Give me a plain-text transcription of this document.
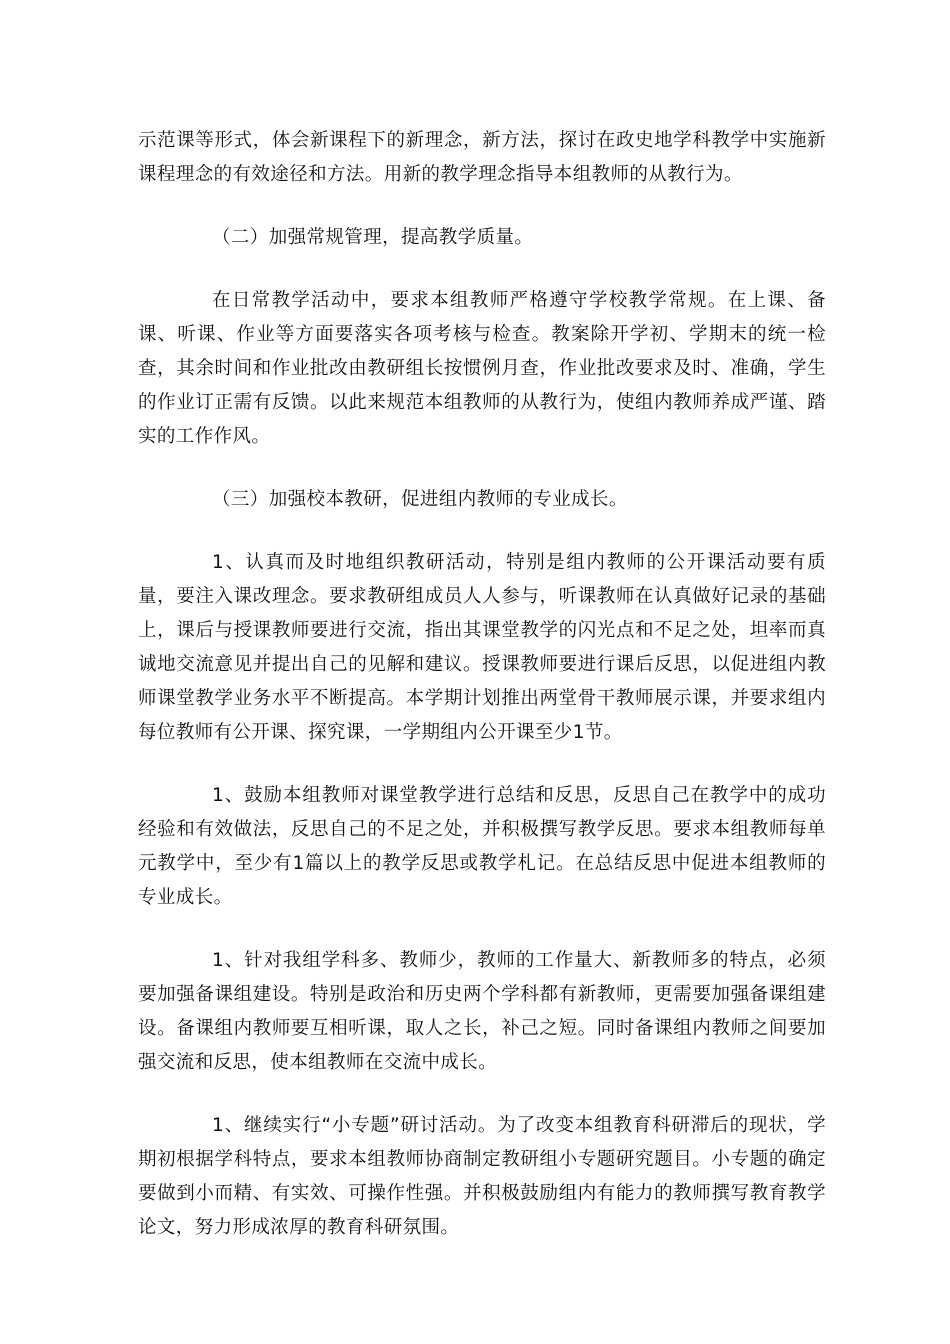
示范课等形式，体会新课程下的新理念，新方法，探讨在政史地学科教学中实施新课程理念的有效途径和方法。用新的教学理念指导本组教师的从教行为。

（二）加强常规管理，提高教学质量。

在日常教学活动中，要求本组教师严格遵守学校教学常规。在上课、备课、听课、作业等方面要落实各项考核与检查。教案除开学初、学期末的统一检查，其余时间和作业批改由教研组长按惯例月查，作业批改要求及时、准确，学生的作业订正需有反馈。以此来规范本组教师的从教行为，使组内教师养成严谨、踏实的工作作风。

（三）加强校本教研，促进组内教师的专业成长。

1、认真而及时地组织教研活动，特别是组内教师的公开课活动要有质量，要注入课改理念。要求教研组成员人人参与，听课教师在认真做好记录的基础上，课后与授课教师要进行交流，指出其课堂教学的闪光点和不足之处，坦率而真诚地交流意见并提出自己的见解和建议。授课教师要进行课后反思，以促进组内教师课堂教学业务水平不断提高。本学期计划推出两堂骨干教师展示课，并要求组内每位教师有公开课、探究课，一学期组内公开课至少1节。

1、鼓励本组教师对课堂教学进行总结和反思，反思自己在教学中的成功经验和有效做法，反思自己的不足之处，并积极撰写教学反思。要求本组教师每单元教学中，至少有1篇以上的教学反思或教学札记。在总结反思中促进本组教师的专业成长。

1、针对我组学科多、教师少，教师的工作量大、新教师多的特点，必须要加强备课组建设。特别是政治和历史两个学科都有新教师，更需要加强备课组建设。备课组内教师要互相听课，取人之长，补己之短。同时备课组内教师之间要加强交流和反思，使本组教师在交流中成长。

1、继续实行“小专题”研讨活动。为了改变本组教育科研滞后的现状，学期初根据学科特点，要求本组教师协商制定教研组小专题研究题目。小专题的确定要做到小而精、有实效、可操作性强。并积极鼓励组内有能力的教师撰写教育教学论文，努力形成浓厚的教育科研氛围。
